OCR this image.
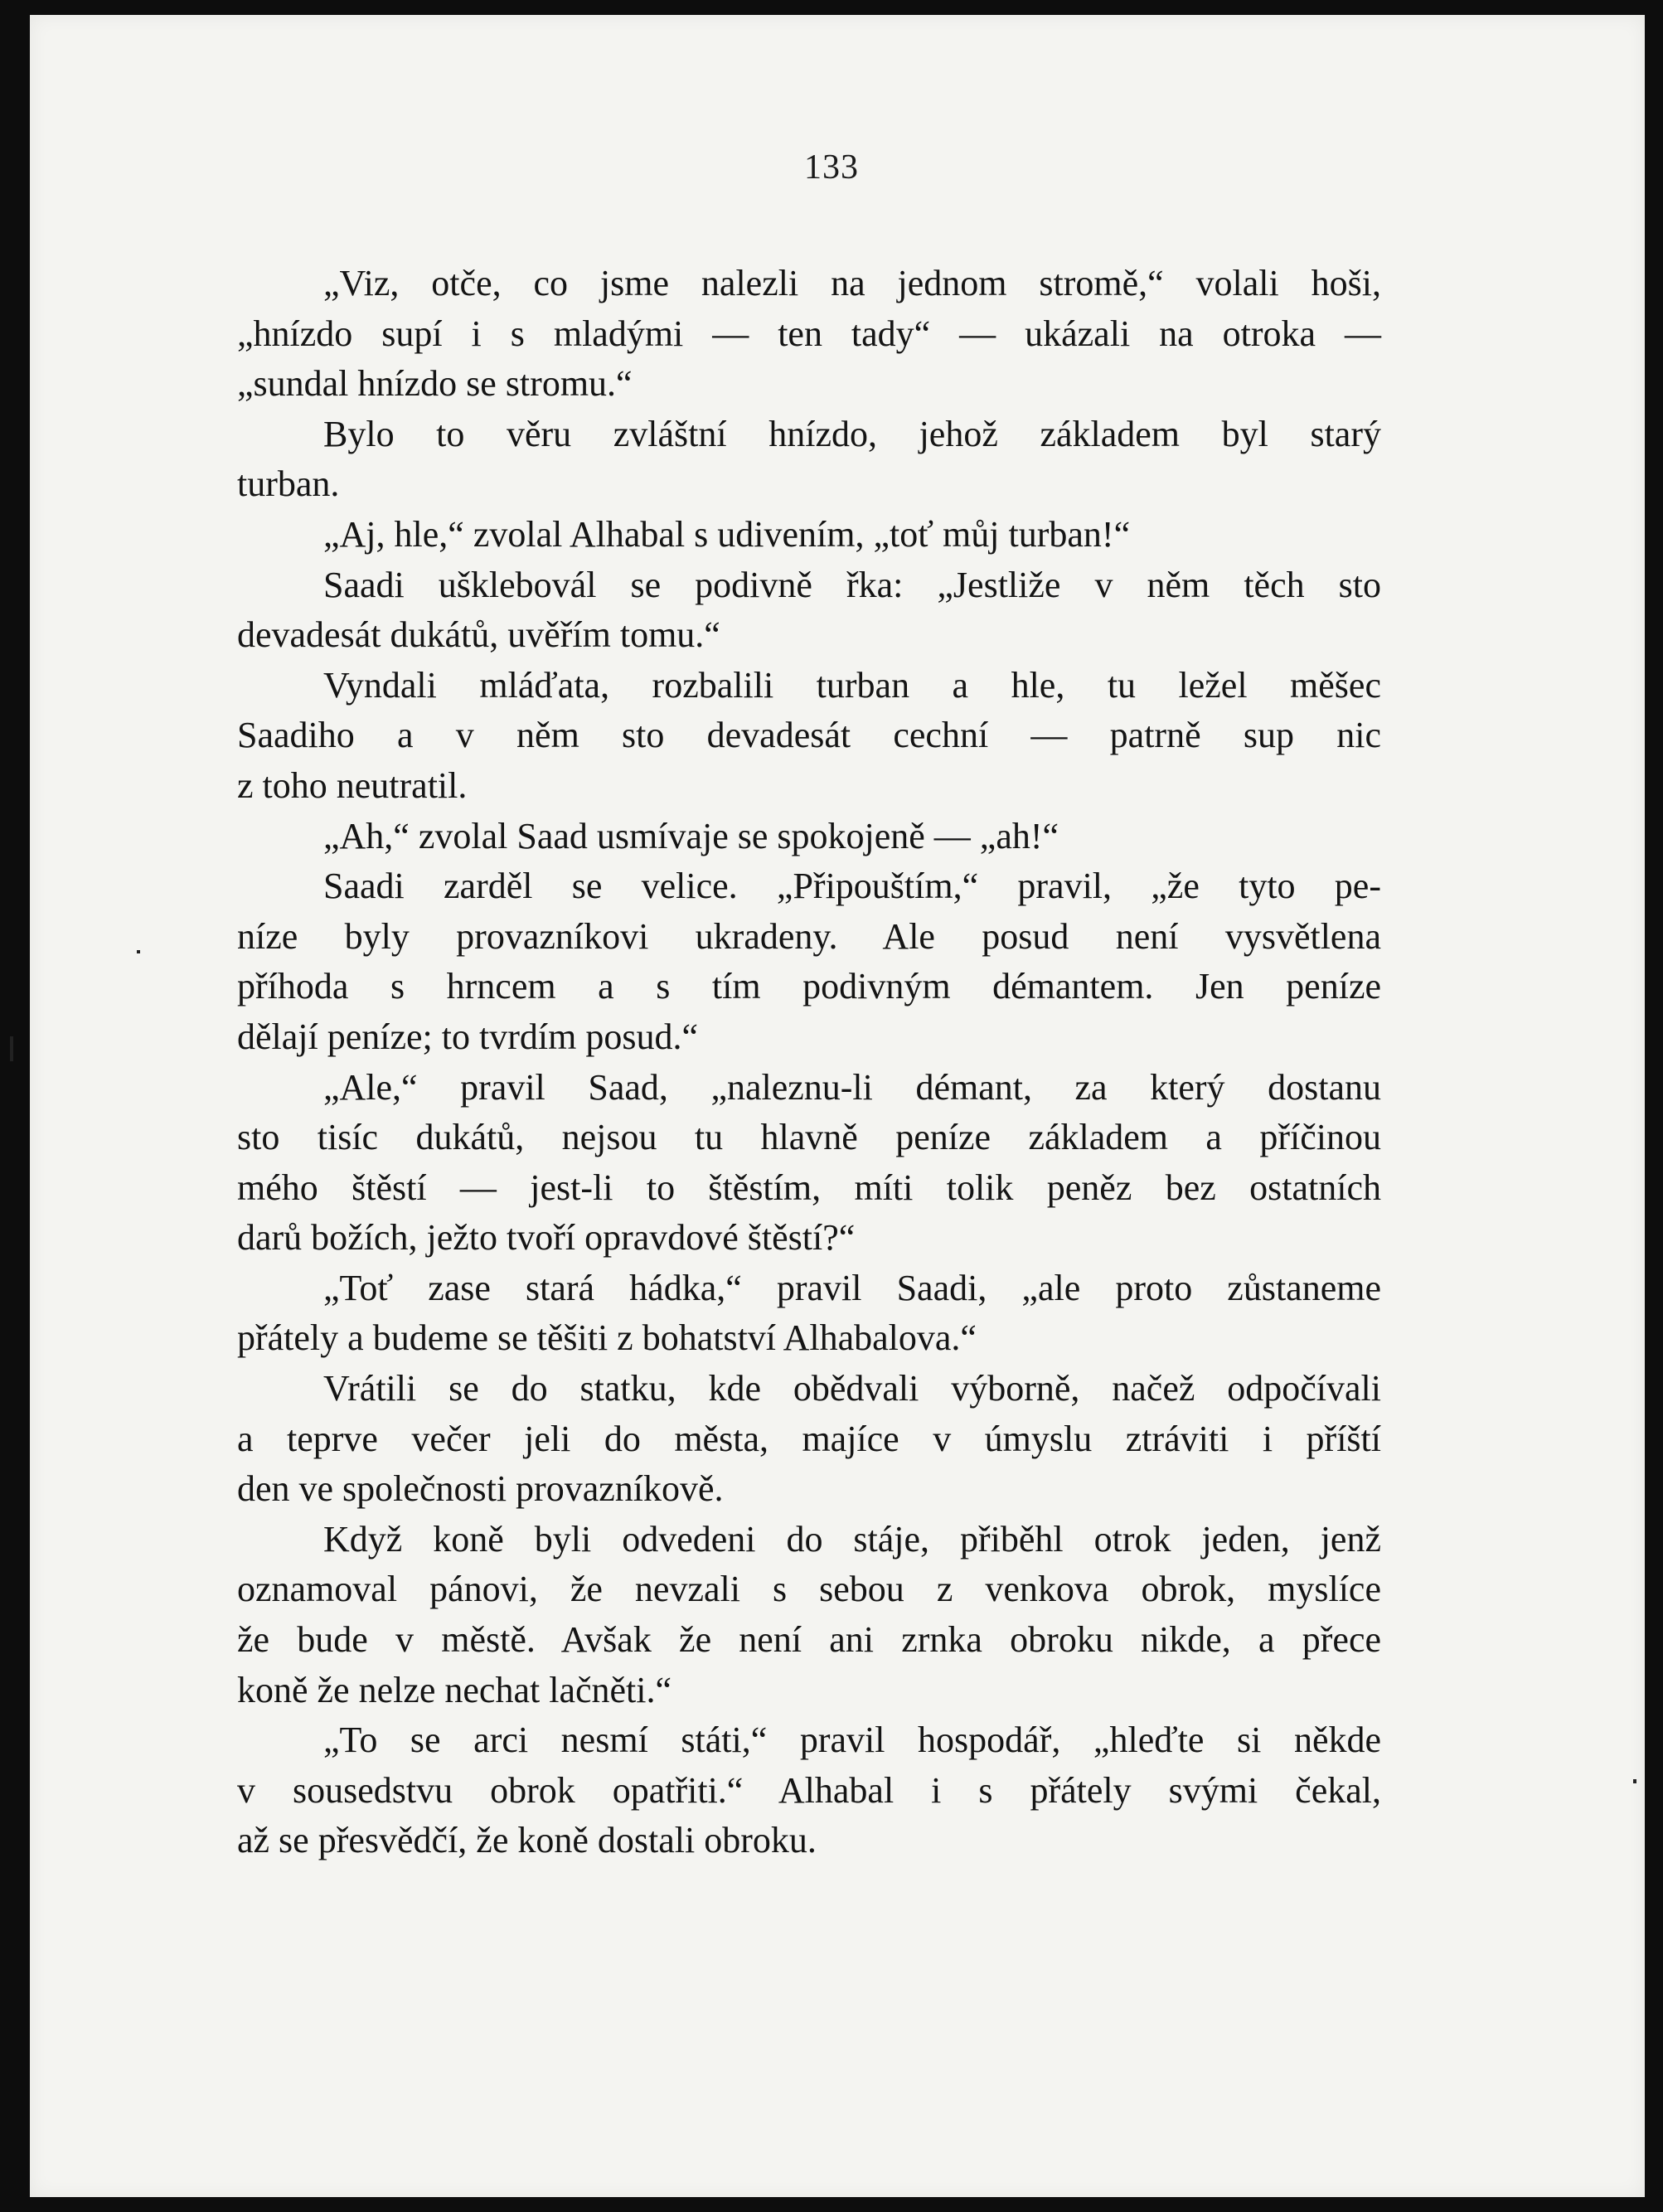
133
„Viz, otče, co jsme nalezli na jednom stromě,“ volali hoši,
„hnízdo supí i s mladými — ten tady“ — ukázali na otroka —
„sundal hnízdo se stromu.“
Bylo to věru zvláštní hnízdo, jehož základem byl starý
turban.
„Aj, hle,“ zvolal Alhabal s udivením, „toť můj turban!“
Saadi ušklebovál se podivně řka: „Jestliže v něm těch sto
devadesát dukátů, uvěřím tomu.“
Vyndali mláďata, rozbalili turban a hle, tu ležel měšec
Saadiho a v něm sto devadesát cechní — patrně sup nic
z toho neutratil.
„Ah,“ zvolal Saad usmívaje se spokojeně — „ah!“
Saadi zarděl se velice. „Připouštím,“ pravil, „že tyto pe-
níze byly provazníkovi ukradeny. Ale posud není vysvětlena
příhoda s hrncem a s tím podivným démantem. Jen peníze
dělají peníze; to tvrdím posud.“
„Ale,“ pravil Saad, „naleznu-li démant, za který dostanu
sto tisíc dukátů, nejsou tu hlavně peníze základem a příčinou
mého štěstí — jest-li to štěstím, míti tolik peněz bez ostatních
darů božích, ježto tvoří opravdové štěstí?“
„Toť zase stará hádka,“ pravil Saadi, „ale proto zůstaneme
přátely a budeme se těšiti z bohatství Alhabalova.“
Vrátili se do statku, kde obědvali výborně, načež odpočívali
a teprve večer jeli do města, majíce v úmyslu ztráviti i příští
den ve společnosti provazníkově.
Když koně byli odvedeni do stáje, přiběhl otrok jeden, jenž
oznamoval pánovi, že nevzali s sebou z venkova obrok, myslíce
že bude v městě. Avšak že není ani zrnka obroku nikde, a přece
koně že nelze nechat lačněti.“
„To se arci nesmí státi,“ pravil hospodář, „hleďte si někde
v sousedstvu obrok opatřiti.“ Alhabal i s přátely svými čekal,
až se přesvědčí, že koně dostali obroku.
